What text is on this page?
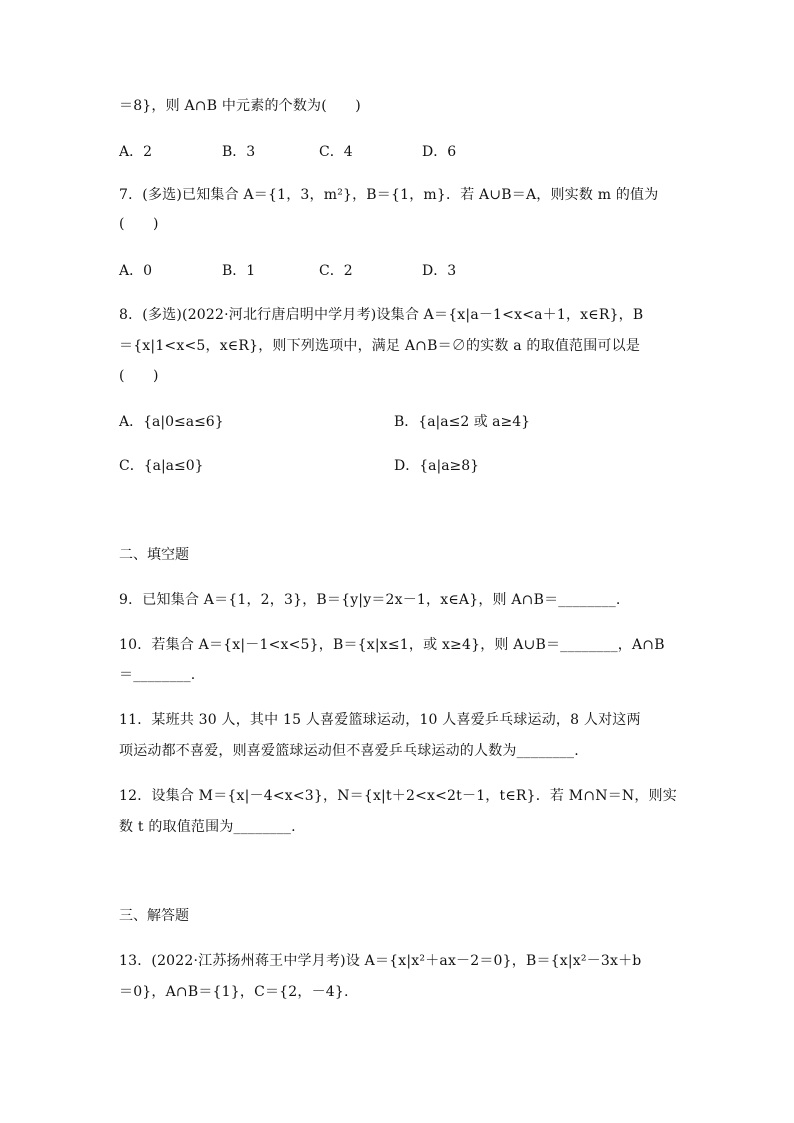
＝8}，则 A∩B 中元素的个数为(　　)
A．2	B．3	C．4	D．6
7．(多选)已知集合 A＝{1，3，m²}，B＝{1，m}．若 A∪B＝A，则实数 m 的值为
(　　)
A．0	B．1	C．2	D．3
8．(多选)(2022·河北行唐启明中学月考)设集合 A＝{x|a－1<x<a＋1，x∈R}，B
＝{x|1<x<5，x∈R}，则下列选项中，满足 A∩B＝∅的实数 a 的取值范围可以是
(　　)
A．{a|0≤a≤6}	B．{a|a≤2 或 a≥4}
C．{a|a≤0}	D．{a|a≥8}
二、填空题
9．已知集合 A＝{1，2，3}，B＝{y|y＝2x－1，x∈A}，则 A∩B＝________.
10．若集合 A＝{x|－1<x<5}，B＝{x|x≤1，或 x≥4}，则 A∪B＝________，A∩B
＝________.
11．某班共 30 人，其中 15 人喜爱篮球运动，10 人喜爱乒乓球运动，8 人对这两
项运动都不喜爱，则喜爱篮球运动但不喜爱乒乓球运动的人数为________.
12．设集合 M＝{x|－4<x<3}，N＝{x|t＋2<x<2t－1，t∈R}．若 M∩N＝N，则实
数 t 的取值范围为________.
三、解答题
13．(2022·江苏扬州蒋王中学月考)设 A＝{x|x²＋ax－2＝0}，B＝{x|x²－3x＋b
＝0}，A∩B＝{1}，C＝{2，－4}.
